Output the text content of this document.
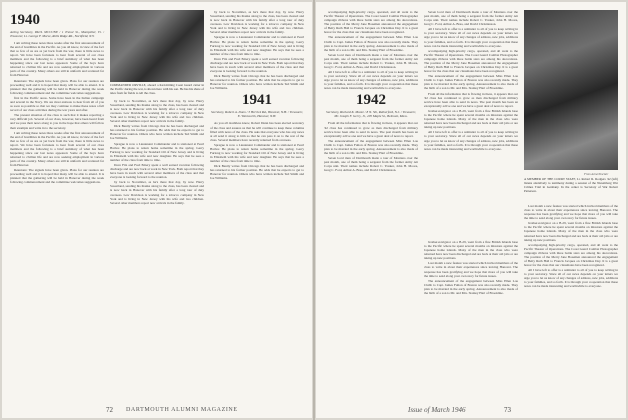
1940
Acting Secretary, PAUL MCCUNE / 1 Trenor St., Montpelier, Vt. / Treasurer, Lt. George F. Morse, Rolls Ridge Rd., Nortifield, N.Y.

I am writing these notes three weeks after the first announcement of the end of hostilities in the Pacific. As you all know, in view of the fact that so few of us are as yet back from the war, there is little news to report. We have been fortunate to hear from several of our class members and the following is a brief summary of what has been happening since our last notes appeared. Some of the boys have returned to civilian life and are now seeking employment in various parts of the country. Many others are still in uniform and scattered far from Hanover.

Reunions: The signals have been given. Plans for our reunion are proceeding well and it is hoped that many will be able to attend. It is planned that the gathering will be held in Hanover during the week following commencement and the committee welcomes suggestions.

first in the Pacific areas. Some have been in the Italian campaign and several in the Navy. We are most anxious to hear from all of you as soon as possible so that we may continue to make these notes a full record of our class activities during the war years and after.

The present situation of the class is such that it makes reporting a very difficult job. Several of our class, however, have been heard from and we pass their news along to you in the hope that others will follow their example and write in to the secretary.

I am writing these notes three weeks after the first announcement of the end of hostilities in the Pacific. As you all know, in view of the fact that so few of us are as yet back from the war, there is little news to report. We have been fortunate to hear from several of our class members and the following is a brief summary of what has been happening since our last notes appeared. Some of the boys have returned to civilian life and are now seeking employment in various parts of the country. Many others are still in uniform and scattered far from Hanover.

Reunions: The signals have been given. Plans for our reunion are proceeding well and it is hoped that many will be able to attend. It is planned that the gathering will be held in Hanover during the week following commencement and the committee welcomes suggestions.

COMMANDER ORVILLE, aboard a hard-hitting Coast Guard cutter in the Pacific during the war, is shown here with his son. He has his share of tales from far fields to tell the class.

by back to November, as he's there that day, by now. Harry Sweetland, sending his thanks along to the class, has been cleared and is now back in Hanover with his family after a long tour of duty overseas. Lew Davidson is working for a tobacco company in New York and is living in New Jersey with his wife and two children. Several other members report new arrivals in the family.

Dick Bently writes from Chicago that he has been discharged and has returned to his former position. He adds that he expects to get to Hanover for reunion. Others who have written include Ted Smith and Joe Williams.

Sprague is now a Lieutenant Commander and is stationed at Pearl Harbor. He plans to return home sometime in the spring. Gerry Furlong is now working for Standard Oil of New Jersey and is living in Elizabeth with his wife and new daughter. He says that he sees a number of the class from time to time.

Dave Fitz and Fred Emery spent a well earned vacation following discharge and are now back at work in New York. Both report that they have been in touch with several other members of the class and that everyone is looking forward to the reunion.

by back to November, as he's there that day, by now. Harry Sweetland, sending his thanks along to the class, has been cleared and is now back in Hanover with his family after a long tour of duty overseas. Lew Davidson is working for a tobacco company in New York and is living in New Jersey with his wife and two children. Several other members report new arrivals in the family.

by back to November, as he's there that day, by now. Harry Sweetland, sending his thanks along to the class, has been cleared and is now back in Hanover with his family after a long tour of duty overseas. Lew Davidson is working for a tobacco company in New York and is living in New Jersey with his wife and two children. Several other members report new arrivals in the family.

Sprague is now a Lieutenant Commander and is stationed at Pearl Harbor. He plans to return home sometime in the spring. Gerry Furlong is now working for Standard Oil of New Jersey and is living in Elizabeth with his wife and new daughter. He says that he sees a number of the class from time to time.

Dave Fitz and Fred Emery spent a well earned vacation following discharge and are now back at work in New York. Both report that they have been in touch with several other members of the class and that everyone is looking forward to the reunion.

Dick Bently writes from Chicago that he has been discharged and has returned to his former position. He adds that he expects to get to Hanover for reunion. Others who have written include Ted Smith and Joe Williams.

1941
Secretary, Robert A. Dunn / 3 Herrick Rd., Hanover, N.H. / Treasurer, E. Wentworth, Hanover, N.H.

As you all doubtless know, Robert Dunn has been elected secretary of the class and assures us that he will continue to keep these columns filled with news of the class. He asks that everyone who has any news at all send it along to him so that he can pass it on to the rest of the class. Several members have recently returned from overseas.

Sprague is now a Lieutenant Commander and is stationed at Pearl Harbor. He plans to return home sometime in the spring. Gerry Furlong is now working for Standard Oil of New Jersey and is living in Elizabeth with his wife and new daughter. He says that he sees a number of the class from time to time.

Dick Bently writes from Chicago that he has been discharged and has returned to his former position. He adds that he expects to get to Hanover for reunion. Others who have written include Ted Smith and Joe Williams.

72 DARTMOUTH ALUMNI MAGAZINE

accompanying high-priority cargo, operated, and all went to the Pacific Theater of Operations. The Coast Guard Combat Photographer campaign ribbons with three battle stars are among his decorations. The position of the Merry Jane Bosemen announced the engagement of Betty Ruth Hall to Francis Jacques on Christmas Day. It is a great honor for the class that our classmates have been recognized.

The announcement of the engagement between Miss Ellen Lou Clubb to Capt. James Fulton of Boston was also recently made. They plan to be married in the early spring. Announcement is also made of the birth of a son to Mr. and Mrs. Stanley Hart of Brookline.

Seven local men of Dartmouth made a tour of Montana over the past month, one of them being a sergeant from the former Army Air Corps unit. Their names include Robert C. Yonker, John H. Moore, Greg C. Ford, Arthur A. Brea, and David Christianson.

All I have left to offer is a reminder to all of you to keep writing in to your secretary. Since all of our news depends on your letters we urge you to let us know of any changes of address, new jobs, additions to your families, and so forth. It is through your cooperation that these notes can be made interesting and worthwhile to everyone.

1942
Secretary, Richard K. Moore / 8 N. 5th, Rutherford, N.J. / Treasurer, Mr. Joseph F. Gerry, Jr., 205 Maple St., Belmont, Mass.

From all the information that is flowing in there, it appears that our '42 class has continued to grow as men discharged from military service have been able to send in news. The past month has been an exceptionally active one and we have a great deal of news to report.

The announcement of the engagement between Miss Ellen Lou Clubb to Capt. James Fulton of Boston was also recently made. They plan to be married in the early spring. Announcement is also made of the birth of a son to Mr. and Mrs. Stanley Hart of Brookline.

Seven local men of Dartmouth made a tour of Montana over the past month, one of them being a sergeant from the former Army Air Corps unit. Their names include Robert C. Yonker, John H. Moore, Greg C. Ford, Arthur A. Brea, and David Christianson.

Seven local men of Dartmouth made a tour of Montana over the past month, one of them being a sergeant from the former Army Air Corps unit. Their names include Robert C. Yonker, John H. Moore, Greg C. Ford, Arthur A. Brea, and David Christianson.

All I have left to offer is a reminder to all of you to keep writing in to your secretary. Since all of our news depends on your letters we urge you to let us know of any changes of address, new jobs, additions to your families, and so forth. It is through your cooperation that these notes can be made interesting and worthwhile to everyone.

accompanying high-priority cargo, operated, and all went to the Pacific Theater of Operations. The Coast Guard Combat Photographer campaign ribbons with three battle stars are among his decorations. The position of the Merry Jane Bosemen announced the engagement of Betty Ruth Hall to Francis Jacques on Christmas Day. It is a great honor for the class that our classmates have been recognized.

The announcement of the engagement between Miss Ellen Lou Clubb to Capt. James Fulton of Boston was also recently made. They plan to be married in the early spring. Announcement is also made of the birth of a son to Mr. and Mrs. Stanley Hart of Brookline.

From all the information that is flowing in there, it appears that our '42 class has continued to grow as men discharged from military service have been able to send in news. The past month has been an exceptionally active one and we have a great deal of news to report.

brother-navigator on a B-29, went from a fine British Islands base to the Pacific where he spent several months on missions against the Japanese home islands. Many of the men in the class who were returned have now been discharged and are back at their old jobs or are taking up new positions.

All I have left to offer is a reminder to all of you to keep writing in to your secretary. Since all of our news depends on your letters we urge you to let us know of any changes of address, new jobs, additions to your families, and so forth. It is through your cooperation that these notes can be made interesting and worthwhile to everyone.

From Acme/Sinclair
A MEMBER OF THE COURT STAFF, Lt. Robert R. Rodgers '42 (left) listens attentively to testimony during a session of the Nuremberg War Crimes Trial in Germany. In the center is Secretary of War Robert Patterson.

brother-navigator on a B-29, went from a fine British Islands base to the Pacific where he spent several months on missions against the Japanese home islands. Many of the men in the class who were returned have now been discharged and are back at their old jobs or are taking up new positions.

Last month a new feature was started which invited members of the class to write in about their experiences since leaving Hanover. The response has been gratifying and we hope that more of you will take the time to send along your own story for future issues.

The announcement of the engagement between Miss Ellen Lou Clubb to Capt. James Fulton of Boston was also recently made. They plan to be married in the early spring. Announcement is also made of the birth of a son to Mr. and Mrs. Stanley Hart of Brookline.

Last month a new feature was started which invited members of the class to write in about their experiences since leaving Hanover. The response has been gratifying and we hope that more of you will take the time to send along your own story for future issues.

brother-navigator on a B-29, went from a fine British Islands base to the Pacific where he spent several months on missions against the Japanese home islands. Many of the men in the class who were returned have now been discharged and are back at their old jobs or are taking up new positions.

accompanying high-priority cargo, operated, and all went to the Pacific Theater of Operations. The Coast Guard Combat Photographer campaign ribbons with three battle stars are among his decorations. The position of the Merry Jane Bosemen announced the engagement of Betty Ruth Hall to Francis Jacques on Christmas Day. It is a great honor for the class that our classmates have been recognized.

All I have left to offer is a reminder to all of you to keep writing in to your secretary. Since all of our news depends on your letters we urge you to let us know of any changes of address, new jobs, additions to your families, and so forth. It is through your cooperation that these notes can be made interesting and worthwhile to everyone.

Issue of March 1946	73
